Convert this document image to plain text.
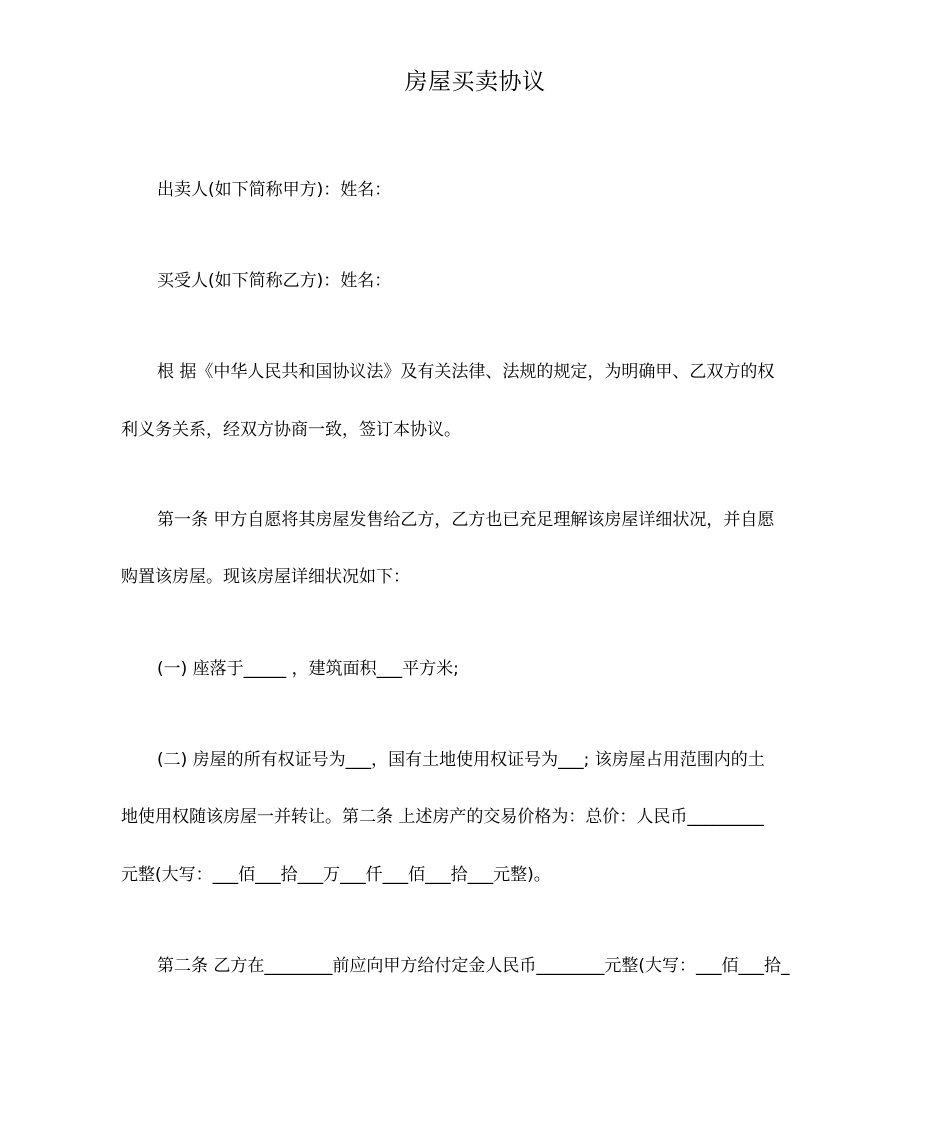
房屋买卖协议
出卖人(如下简称甲方)：姓名：
买受人(如下简称乙方)：姓名：
根 据《中华人民共和国协议法》及有关法律、法规的规定，为明确甲、乙双方的权
利义务关系，经双方协商一致，签订本协议。
第一条 甲方自愿将其房屋发售给乙方，乙方也已充足理解该房屋详细状况，并自愿
购置该房屋。现该房屋详细状况如下：
(一) 座落于_____ ，建筑面积___平方米;
(二) 房屋的所有权证号为___，国有土地使用权证号为___; 该房屋占用范围内的土
地使用权随该房屋一并转让。第二条 上述房产的交易价格为：总价：人民币_________
元整(大写：___佰___拾___万___仟___佰___拾___元整)。
第二条 乙方在________前应向甲方给付定金人民币________元整(大写：___佰___拾_
